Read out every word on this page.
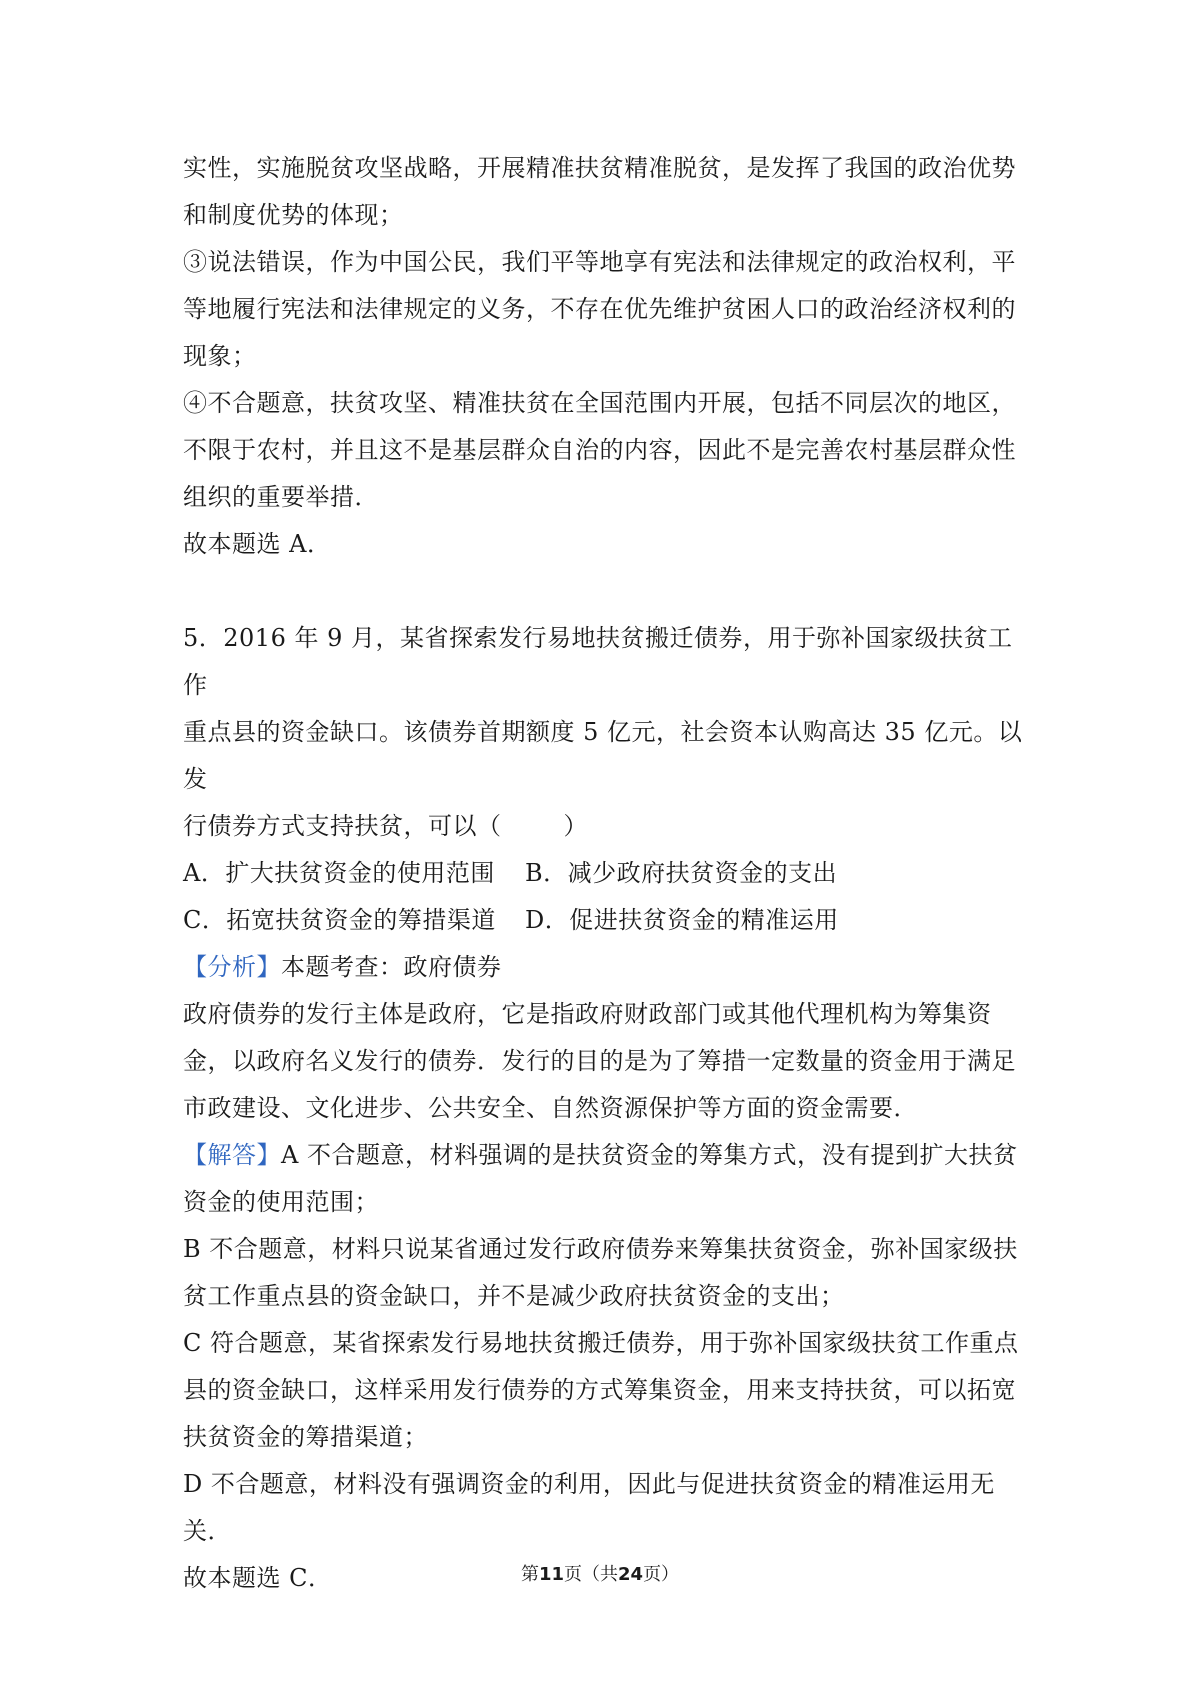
实性，实施脱贫攻坚战略，开展精准扶贫精准脱贫，是发挥了我国的政治优势

和制度优势的体现；

③说法错误，作为中国公民，我们平等地享有宪法和法律规定的政治权利，平

等地履行宪法和法律规定的义务，不存在优先维护贫困人口的政治经济权利的

现象；

④不合题意，扶贫攻坚、精准扶贫在全国范围内开展，包括不同层次的地区，

不限于农村，并且这不是基层群众自治的内容，因此不是完善农村基层群众性

组织的重要举措．

故本题选 A．

5．2016 年 9 月，某省探索发行易地扶贫搬迁债券，用于弥补国家级扶贫工作

重点县的资金缺口。该债券首期额度 5 亿元，社会资本认购高达 35 亿元。以发

行债券方式支持扶贫，可以（	）

A．扩大扶贫资金的使用范围	B．减少政府扶贫资金的支出
C．拓宽扶贫资金的筹措渠道	D．促进扶贫资金的精准运用

【分析】本题考查：政府债券

政府债券的发行主体是政府，它是指政府财政部门或其他代理机构为筹集资

金，以政府名义发行的债券．发行的目的是为了筹措一定数量的资金用于满足

市政建设、文化进步、公共安全、自然资源保护等方面的资金需要．

【解答】A 不合题意，材料强调的是扶贫资金的筹集方式，没有提到扩大扶贫

资金的使用范围；

B 不合题意，材料只说某省通过发行政府债券来筹集扶贫资金，弥补国家级扶

贫工作重点县的资金缺口，并不是减少政府扶贫资金的支出；

C 符合题意，某省探索发行易地扶贫搬迁债券，用于弥补国家级扶贫工作重点

县的资金缺口，这样采用发行债券的方式筹集资金，用来支持扶贫，可以拓宽

扶贫资金的筹措渠道；

D 不合题意，材料没有强调资金的利用，因此与促进扶贫资金的精准运用无

关．

故本题选 C．	第11页（共24页）
